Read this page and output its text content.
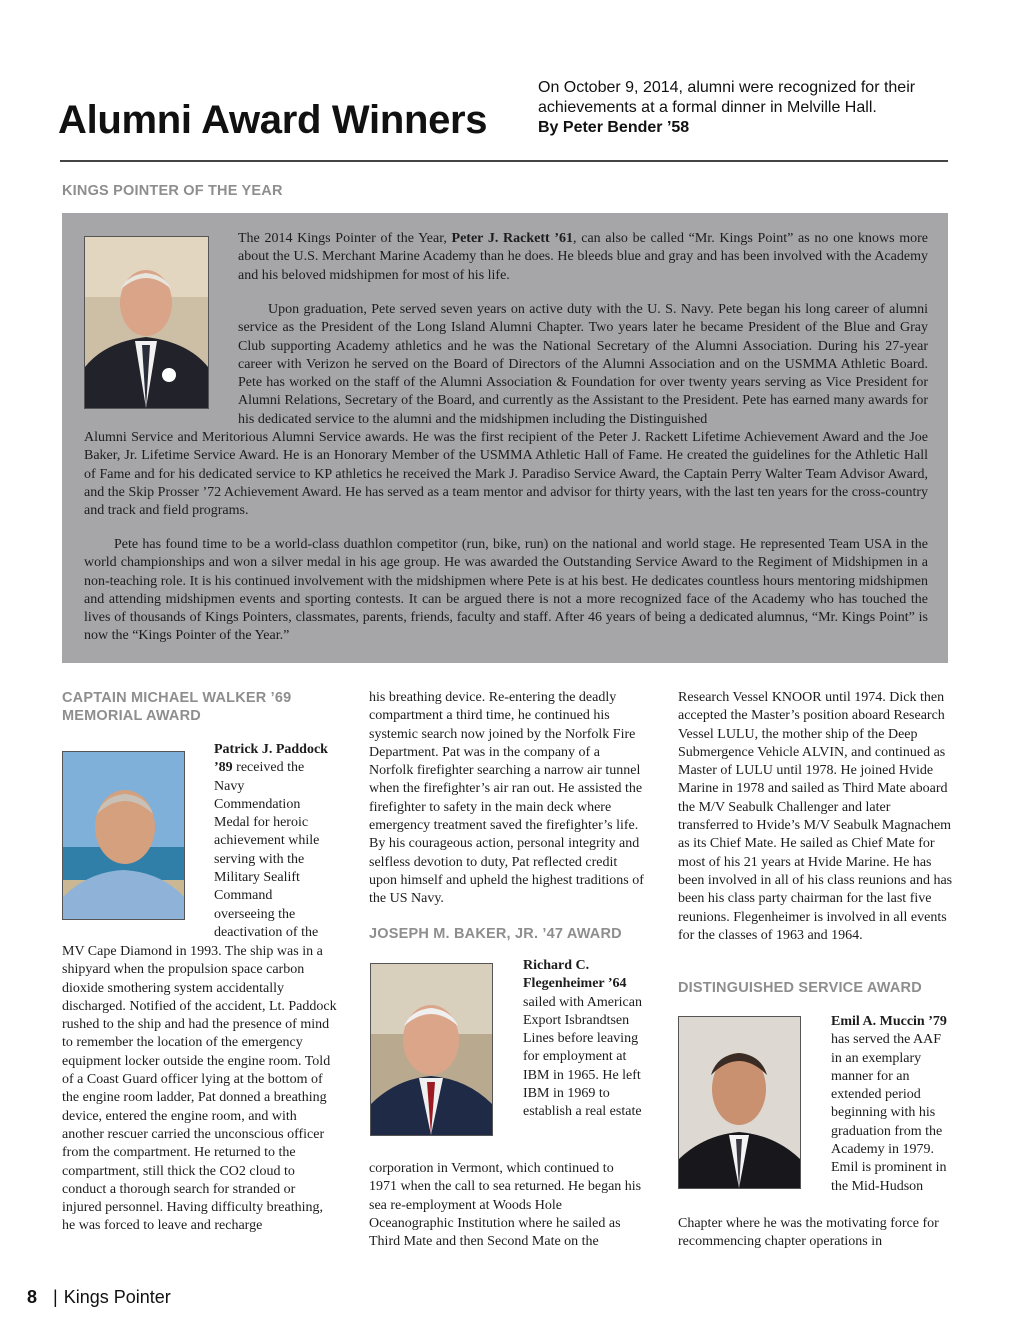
Alumni Award Winners
On October 9, 2014, alumni were recognized for their achievements at a formal dinner in Melville Hall.
By Peter Bender ’58
KINGS POINTER OF THE YEAR
The 2014 Kings Pointer of the Year, Peter J. Rackett ’61, can also be called “Mr. Kings Point” as no one knows more about the U.S. Merchant Marine Academy than he does. He bleeds blue and gray and has been involved with the Academy and his beloved midshipmen for most of his life.
Upon graduation, Pete served seven years on active duty with the U. S. Navy. Pete began his long career of alumni service as the President of the Long Island Alumni Chapter. Two years later he became President of the Blue and Gray Club supporting Academy athletics and he was the National Secretary of the Alumni Association. During his 27-year career with Verizon he served on the Board of Directors of the Alumni Association and on the USMMA Athletic Board. Pete has worked on the staff of the Alumni Association & Foundation for over twenty years serving as Vice President for Alumni Relations, Secretary of the Board, and currently as the Assistant to the President. Pete has earned many awards for his dedicated service to the alumni and the midshipmen including the Distinguished
Alumni Service and Meritorious Alumni Service awards. He was the first recipient of the Peter J. Rackett Lifetime Achievement Award and the Joe Baker, Jr. Lifetime Service Award. He is an Honorary Member of the USMMA Athletic Hall of Fame. He created the guidelines for the Athletic Hall of Fame and for his dedicated service to KP athletics he received the Mark J. Paradiso Service Award, the Captain Perry Walter Team Advisor Award, and the Skip Prosser ’72 Achievement Award. He has served as a team mentor and advisor for thirty years, with the last ten years for the cross-country and track and field programs.
Pete has found time to be a world-class duathlon competitor (run, bike, run) on the national and world stage. He represented Team USA in the world championships and won a silver medal in his age group. He was awarded the Outstanding Service Award to the Regiment of Midshipmen in a non-teaching role. It is his continued involvement with the midshipmen where Pete is at his best. He dedicates countless hours mentoring midshipmen and attending midshipmen events and sporting contests. It can be argued there is not a more recognized face of the Academy who has touched the lives of thousands of Kings Pointers, classmates, parents, friends, faculty and staff. After 46 years of being a dedicated alumnus, “Mr. Kings Point” is now the “Kings Pointer of the Year.”
CAPTAIN MICHAEL WALKER ’69 MEMORIAL AWARD
Patrick J. Paddock ’89 received the Navy Commendation Medal for heroic achievement while serving with the Military Sealift Command overseeing the deactivation of the
MV Cape Diamond in 1993. The ship was in a shipyard when the propulsion space carbon dioxide smothering system accidentally discharged. Notified of the accident, Lt. Paddock rushed to the ship and had the presence of mind to remember the location of the emergency equipment locker outside the engine room. Told of a Coast Guard officer lying at the bottom of the engine room ladder, Pat donned a breathing device, entered the engine room, and with another rescuer carried the unconscious officer from the compartment. He returned to the compartment, still thick the CO2 cloud to conduct a thorough search for stranded or injured personnel. Having difficulty breathing, he was forced to leave and recharge
his breathing device. Re-entering the deadly compartment a third time, he continued his systemic search now joined by the Norfolk Fire Department. Pat was in the company of a Norfolk firefighter searching a narrow air tunnel when the firefighter’s air ran out. He assisted the firefighter to safety in the main deck where emergency treatment saved the firefighter’s life. By his courageous action, personal integrity and selfless devotion to duty, Pat reflected credit upon himself and upheld the highest traditions of the US Navy.
JOSEPH M. BAKER, JR. ’47 AWARD
Richard C. Flegenheimer ’64 sailed with American Export Isbrandtsen Lines before leaving for employment at IBM in 1965. He left IBM in 1969 to establish a real estate
corporation in Vermont, which continued to 1971 when the call to sea returned. He began his sea re-employment at Woods Hole Oceanographic Institution where he sailed as Third Mate and then Second Mate on the
Research Vessel KNOOR until 1974. Dick then accepted the Master’s position aboard Research Vessel LULU, the mother ship of the Deep Submergence Vehicle ALVIN, and continued as Master of LULU until 1978. He joined Hvide Marine in 1978 and sailed as Third Mate aboard the M/V Seabulk Challenger and later transferred to Hvide’s M/V Seabulk Magnachem as its Chief Mate. He sailed as Chief Mate for most of his 21 years at Hvide Marine. He has been involved in all of his class reunions and has been his class party chairman for the last five reunions. Flegenheimer is involved in all events for the classes of 1963 and 1964.
DISTINGUISHED SERVICE AWARD
Emil A. Muccin ’79 has served the AAF in an exemplary manner for an extended period beginning with his graduation from the Academy in 1979. Emil is prominent in the Mid-Hudson
Chapter where he was the motivating force for recommencing chapter operations in
8 | Kings Pointer
